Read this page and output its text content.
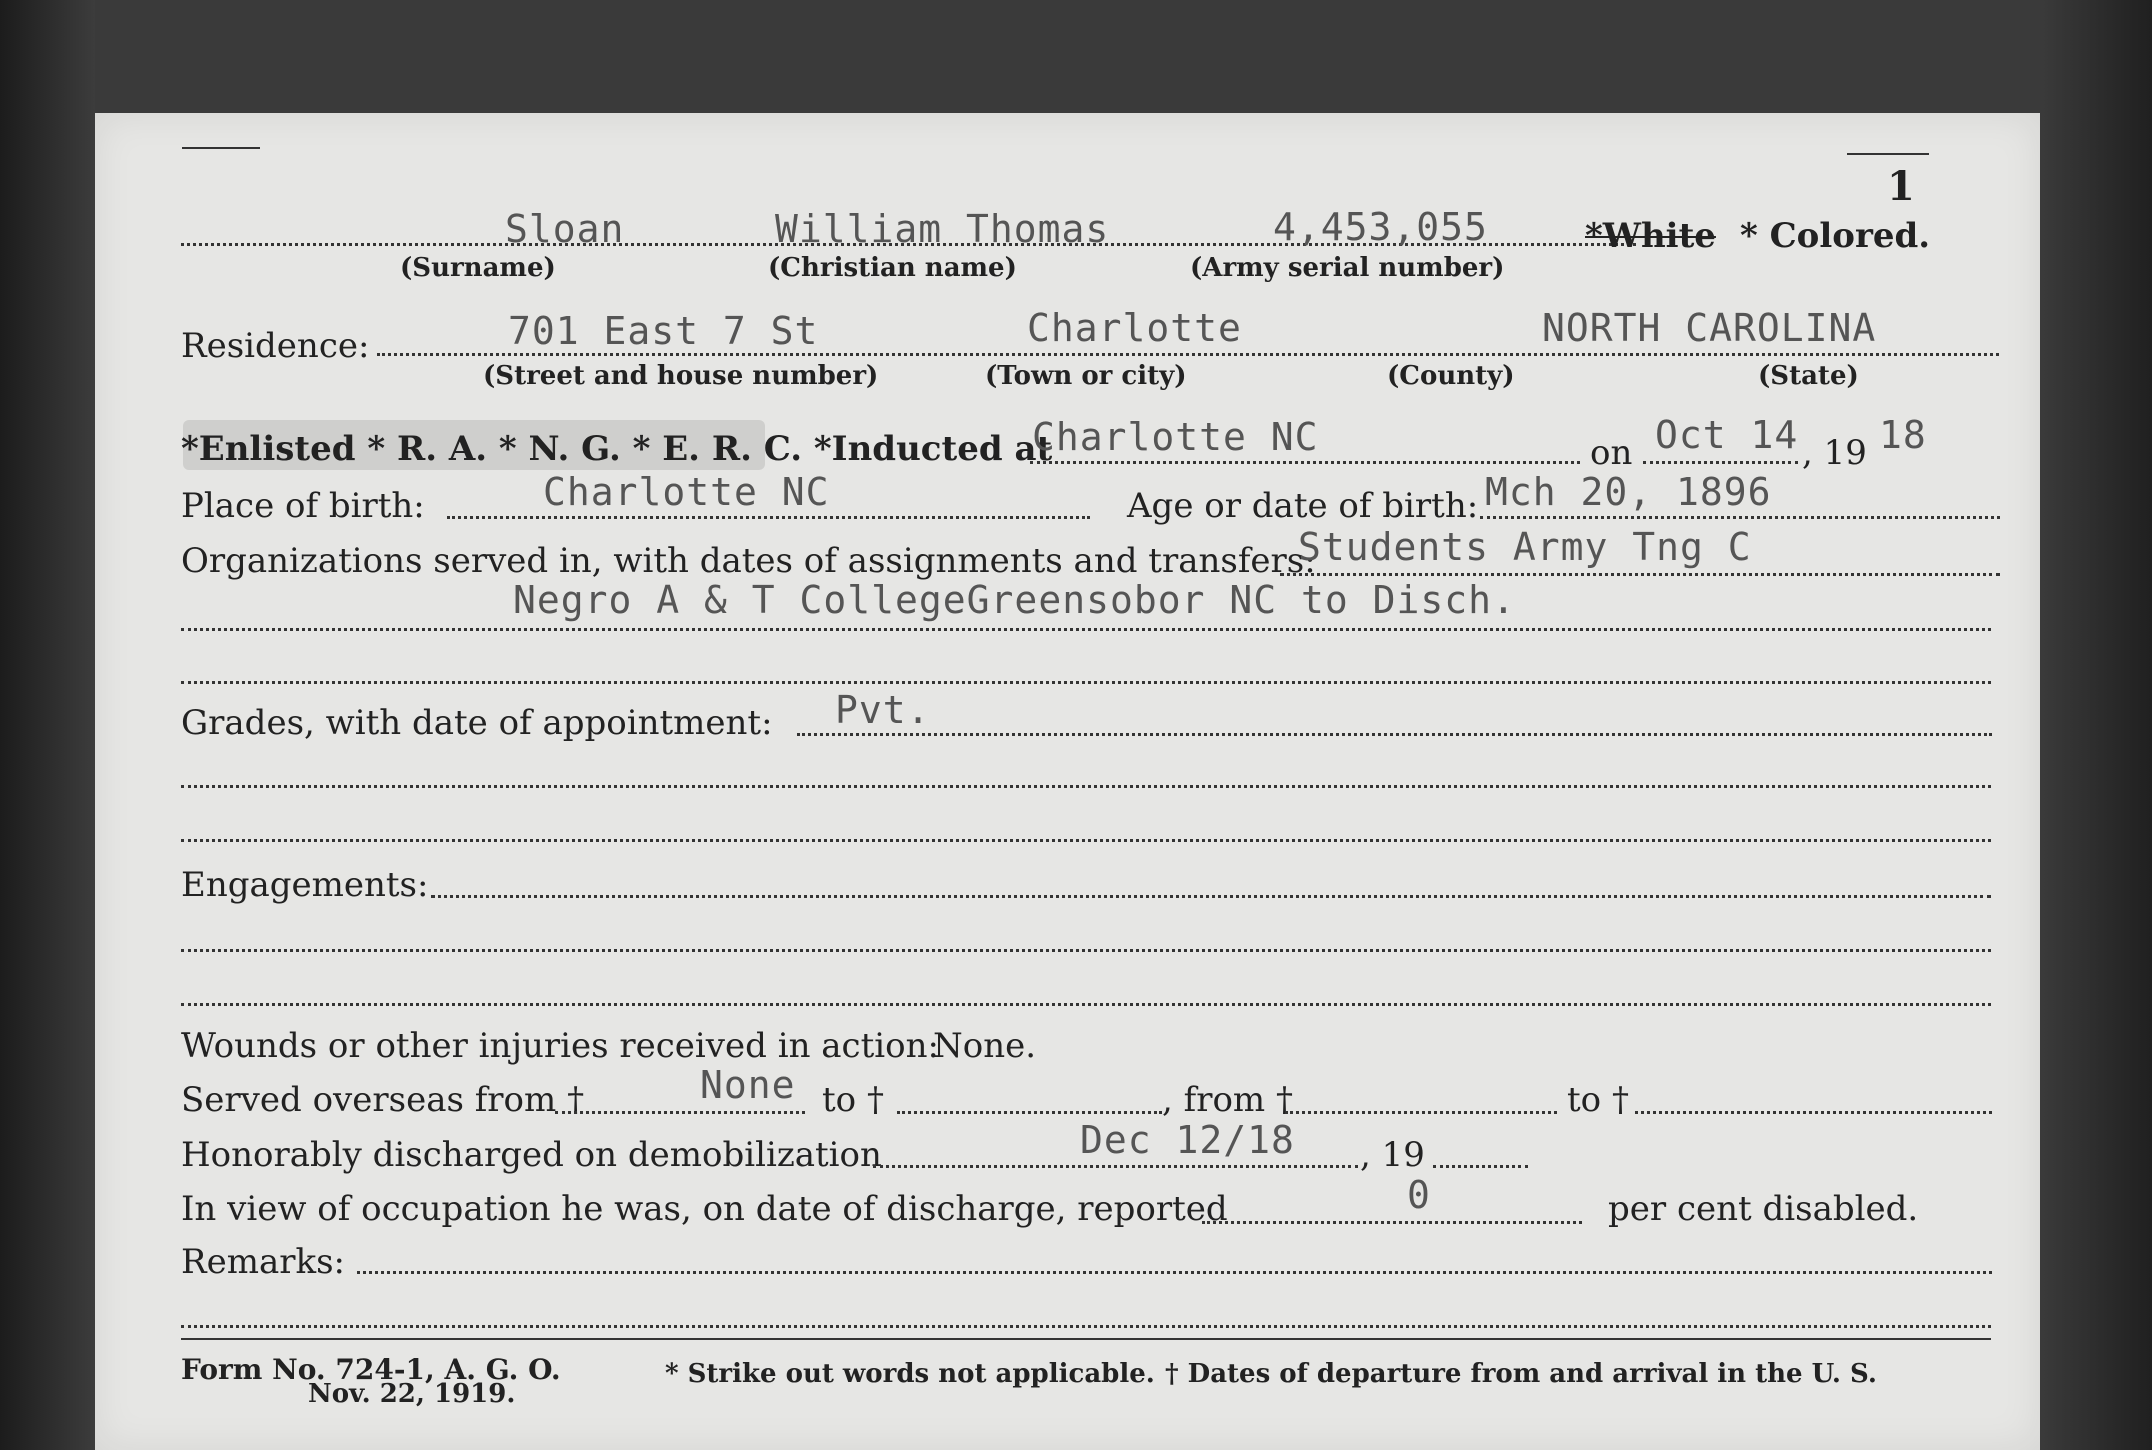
1
Sloan	William Thomas	4,453,055	*White * Colored.
(Surname)	(Christian name)	(Army serial number)
Residence:	701 East 7 St	Charlotte	NORTH CAROLINA
(Street and house number)	(Town or city)	(County)	(State)
*Enlisted * R. A. * N. G. * E. R. C. *Inducted at
Charlotte NC	on Oct 14 , 19 18
Place of birth:	Charlotte NC	Age or date of birth: Mch 20, 1896
Organizations served in, with dates of assignments and transfers:
Students Army Tng C
Negro A & T CollegeGreensobor NC to Disch.
Grades, with date of appointment: Pvt.
Engagements:
Wounds or other injuries received in action:
None.
Served overseas from †	None to †	, from †	to †
Honorably discharged on demobilization	Dec 12/18 , 19
In view of occupation he was, on date of discharge, reported	0	per cent disabled.
Remarks:
Form No. 724-1, A. G. O.
Nov. 22, 1919.
* Strike out words not applicable. † Dates of departure from and arrival in the U. S.
